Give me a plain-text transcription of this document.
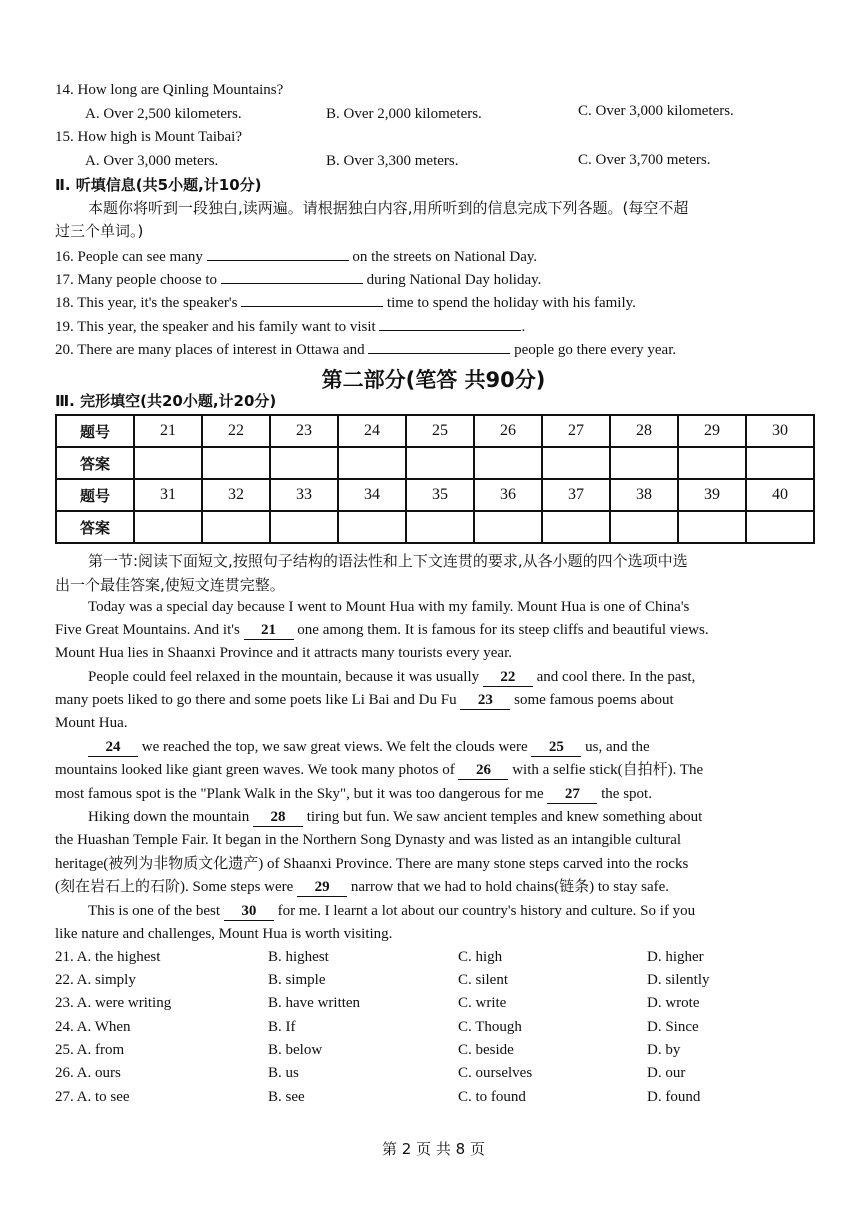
14. How long are Qinling Mountains?
A. Over 2,500 kilometers.	B. Over 2,000 kilometers.	C. Over 3,000 kilometers.
15. How high is Mount Taibai?
A. Over 3,000 meters.	B. Over 3,300 meters.	C. Over 3,700 meters.
Ⅱ. 听填信息(共5小题,计10分)
本题你将听到一段独白,读两遍。请根据独白内容,用所听到的信息完成下列各题。(每空不超
过三个单词。)
16. People can see many	on the streets on National Day.
17. Many people choose to	during National Day holiday.
18. This year, it's the speaker's	time to spend the holiday with his family.
19. This year, the speaker and his family want to visit	.
20. There are many places of interest in Ottawa and	people go there every year.
第二部分(笔答 共90分)
Ⅲ. 完形填空(共20小题,计20分)
题号	21	22	23	24	25	26	27	28	29	30
答案										
题号	31	32	33	34	35	36	37	38	39	40
答案										
第一节:阅读下面短文,按照句子结构的语法性和上下文连贯的要求,从各小题的四个选项中选
出一个最佳答案,使短文连贯完整。
Today was a special day because I went to Mount Hua with my family. Mount Hua is one of China's
Five Great Mountains. And it's 21 one among them. It is famous for its steep cliffs and beautiful views.
Mount Hua lies in Shaanxi Province and it attracts many tourists every year.
People could feel relaxed in the mountain, because it was usually 22 and cool there. In the past,
many poets liked to go there and some poets like Li Bai and Du Fu 23 some famous poems about
Mount Hua.
24 we reached the top, we saw great views. We felt the clouds were 25 us, and the
mountains looked like giant green waves. We took many photos of 26 with a selfie stick(自拍杆). The
most famous spot is the "Plank Walk in the Sky", but it was too dangerous for me 27 the spot.
Hiking down the mountain 28 tiring but fun. We saw ancient temples and knew something about
the Huashan Temple Fair. It began in the Northern Song Dynasty and was listed as an intangible cultural
heritage(被列为非物质文化遗产) of Shaanxi Province. There are many stone steps carved into the rocks
(刻在岩石上的石阶). Some steps were 29 narrow that we had to hold chains(链条) to stay safe.
This is one of the best 30 for me. I learnt a lot about our country's history and culture. So if you
like nature and challenges, Mount Hua is worth visiting.
21. A. the highest	B. highest	C. high	D. higher
22. A. simply	B. simple	C. silent	D. silently
23. A. were writing	B. have written	C. write	D. wrote
24. A. When	B. If	C. Though	D. Since
25. A. from	B. below	C. beside	D. by
26. A. ours	B. us	C. ourselves	D. our
27. A. to see	B. see	C. to found	D. found
第 2 页 共 8 页
